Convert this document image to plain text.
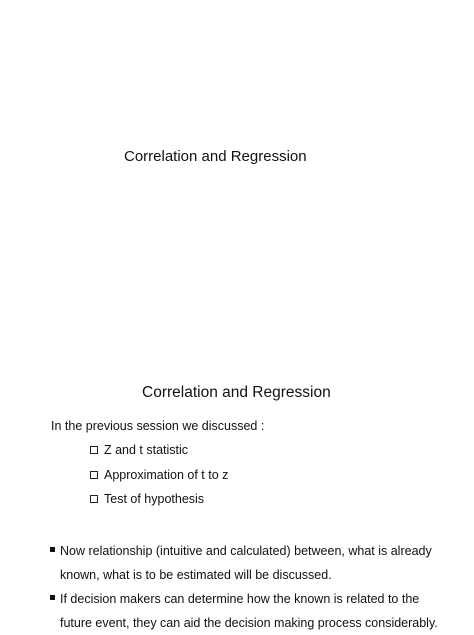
Correlation and Regression
Correlation and Regression
In the previous session we discussed :
Z and t statistic
Approximation of t to z
Test of hypothesis
Now relationship (intuitive and calculated) between, what is already
known, what is to be estimated will be discussed.
If decision makers can determine how the known is related to the
future event, they can aid the decision making process considerably.
